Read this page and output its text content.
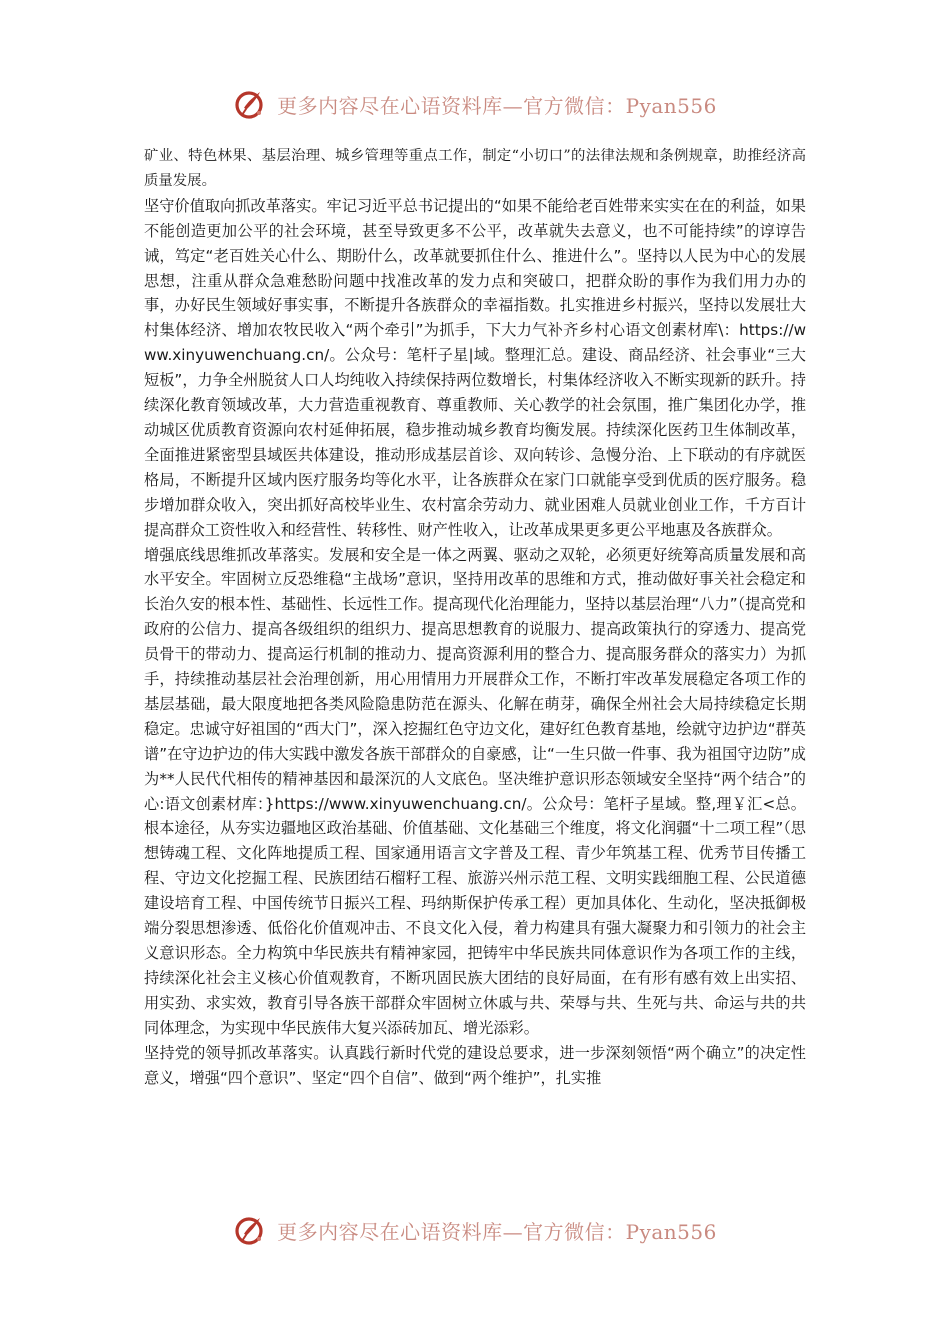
更多内容尽在心语资料库—官方微信：Pyan556

矿业、特色林果、基层治理、城乡管理等重点工作，制定“小切口”的法律法规和条例规章，助推经济高质量发展。

坚守价值取向抓改革落实。牢记习近平总书记提出的“如果不能给老百姓带来实实在在的利益，如果不能创造更加公平的社会环境，甚至导致更多不公平，改革就失去意义，也不可能持续”的谆谆告诫，笃定“老百姓关心什么、期盼什么，改革就要抓住什么、推进什么”。坚持以人民为中心的发展思想，注重从群众急难愁盼问题中找准改革的发力点和突破口，把群众盼的事作为我们用力办的事，办好民生领域好事实事，不断提升各族群众的幸福指数。扎实推进乡村振兴，坚持以发展壮大村集体经济、增加农牧民收入“两个牵引”为抓手，下大力气补齐乡村心语文创素材库\：https://www.xinyuwenchuang.cn/。公众号：笔杆子星|域。整理汇总。建设、商品经济、社会事业“三大短板”，力争全州脱贫人口人均纯收入持续保持两位数增长，村集体经济收入不断实现新的跃升。持续深化教育领域改革，大力营造重视教育、尊重教师、关心教学的社会氛围，推广集团化办学，推动城区优质教育资源向农村延伸拓展，稳步推动城乡教育均衡发展。持续深化医药卫生体制改革，全面推进紧密型县域医共体建设，推动形成基层首诊、双向转诊、急慢分治、上下联动的有序就医格局，不断提升区域内医疗服务均等化水平，让各族群众在家门口就能享受到优质的医疗服务。稳步增加群众收入，突出抓好高校毕业生、农村富余劳动力、就业困难人员就业创业工作，千方百计提高群众工资性收入和经营性、转移性、财产性收入，让改革成果更多更公平地惠及各族群众。

增强底线思维抓改革落实。发展和安全是一体之两翼、驱动之双轮，必须更好统筹高质量发展和高水平安全。牢固树立反恐维稳“主战场”意识，坚持用改革的思维和方式，推动做好事关社会稳定和长治久安的根本性、基础性、长远性工作。提高现代化治理能力，坚持以基层治理“八力”（提高党和政府的公信力、提高各级组织的组织力、提高思想教育的说服力、提高政策执行的穿透力、提高党员骨干的带动力、提高运行机制的推动力、提高资源利用的整合力、提高服务群众的落实力）为抓手，持续推动基层社会治理创新，用心用情用力开展群众工作，不断打牢改革发展稳定各项工作的基层基础，最大限度地把各类风险隐患防范在源头、化解在萌芽，确保全州社会大局持续稳定长期稳定。忠诚守好祖国的“西大门”，深入挖掘红色守边文化，建好红色教育基地，绘就守边护边“群英谱”在守边护边的伟大实践中激发各族干部群众的自豪感，让“一生只做一件事、我为祖国守边防”成为**人民代代相传的精神基因和最深沉的人文底色。坚决维护意识形态领域安全坚持“两个结合”的心:语文创素材库：}https://www.xinyuwenchuang.cn/。公众号：笔杆子星域。整,理￥汇<总。根本途径，从夯实边疆地区政治基础、价值基础、文化基础三个维度，将文化润疆“十二项工程”（思想铸魂工程、文化阵地提质工程、国家通用语言文字普及工程、青少年筑基工程、优秀节目传播工程、守边文化挖掘工程、民族团结石榴籽工程、旅游兴州示范工程、文明实践细胞工程、公民道德建设培育工程、中国传统节日振兴工程、玛纳斯保护传承工程）更加具体化、生动化，坚决抵御极端分裂思想渗透、低俗化价值观冲击、不良文化入侵，着力构建具有强大凝聚力和引领力的社会主义意识形态。全力构筑中华民族共有精神家园，把铸牢中华民族共同体意识作为各项工作的主线，持续深化社会主义核心价值观教育，不断巩固民族大团结的良好局面，在有形有感有效上出实招、用实劲、求实效，教育引导各族干部群众牢固树立休戚与共、荣辱与共、生死与共、命运与共的共同体理念，为实现中华民族伟大复兴添砖加瓦、增光添彩。

坚持党的领导抓改革落实。认真践行新时代党的建设总要求，进一步深刻领悟“两个确立”的决定性意义，增强“四个意识”、坚定“四个自信”、做到“两个维护”，扎实推

更多内容尽在心语资料库—官方微信：Pyan556
